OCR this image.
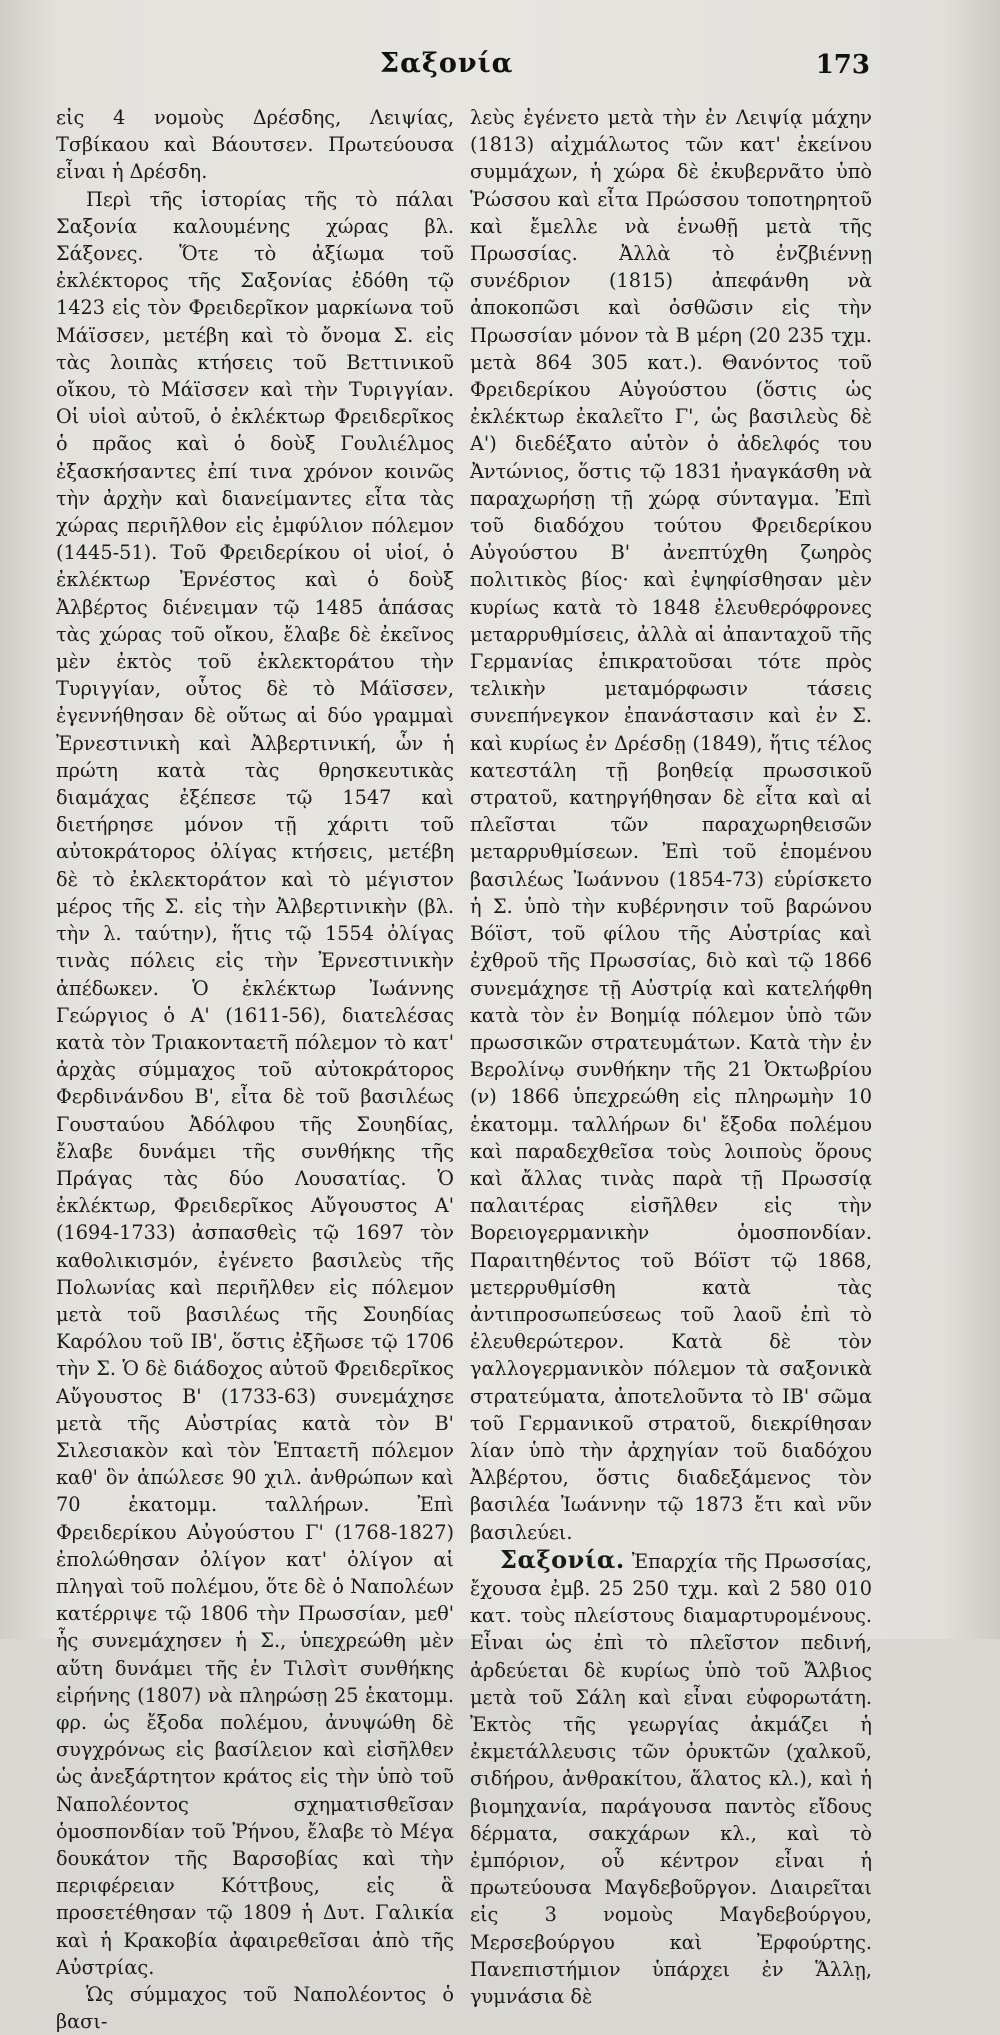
Σαξονία	173

εἰς 4 νομοὺς Δρέσδης, Λειψίας, Τσβίκαου καὶ Βάουτσεν. Πρωτεύουσα εἶναι ἡ Δρέσδη.

Περὶ τῆς ἱστορίας τῆς τὸ πάλαι Σαξονία καλουμένης χώρας βλ. Σάξονες. Ὅτε τὸ ἀξίωμα τοῦ ἐκλέκτορος τῆς Σαξονίας ἐδόθη τῷ 1423 εἰς τὸν Φρειδερῖκον μαρκίωνα τοῦ Μάϊσσεν, μετέβη καὶ τὸ ὄνομα Σ. εἰς τὰς λοιπὰς κτήσεις τοῦ Βεττινικοῦ οἴκου, τὸ Μάϊσσεν καὶ τὴν Τυριγγίαν. Οἱ υἱοὶ αὐτοῦ, ὁ ἐκλέκτωρ Φρειδερῖκος ὁ πρᾶος καὶ ὁ δοὺξ Γουλιέλμος ἐξασκήσαντες ἐπί τινα χρόνον κοινῶς τὴν ἀρχὴν καὶ διανείμαντες εἶτα τὰς χώρας περιῆλθον εἰς ἐμφύλιον πόλεμον (1445-51). Τοῦ Φρειδερίκου οἱ υἱοί, ὁ ἐκλέκτωρ Ἐρνέστος καὶ ὁ δοὺξ Ἀλβέρτος διένειμαν τῷ 1485 ἁπάσας τὰς χώρας τοῦ οἴκου, ἔλαβε δὲ ἐκεῖνος μὲν ἐκτὸς τοῦ ἐκλεκτοράτου τὴν Τυριγγίαν, οὗτος δὲ τὸ Μάϊσσεν, ἐγεννήθησαν δὲ οὕτως αἱ δύο γραμμαὶ Ἐρνεστινικὴ καὶ Ἀλβερτινική, ὧν ἡ πρώτη κατὰ τὰς θρησκευτικὰς διαμάχας ἐξέπεσε τῷ 1547 καὶ διετήρησε μόνον τῇ χάριτι τοῦ αὐτοκράτορος ὀλίγας κτήσεις, μετέβη δὲ τὸ ἐκλεκτοράτον καὶ τὸ μέγιστον μέρος τῆς Σ. εἰς τὴν Ἀλβερτινικὴν (βλ. τὴν λ. ταύτην), ἥτις τῷ 1554 ὀλίγας τινὰς πόλεις εἰς τὴν Ἐρνεστινικὴν ἀπέδωκεν. Ὁ ἐκλέκτωρ Ἰωάννης Γεώργιος ὁ Α' (1611-56), διατελέσας κατὰ τὸν Τριακονταετῆ πόλεμον τὸ κατ' ἀρχὰς σύμμαχος τοῦ αὐτοκράτορος Φερδινάνδου Β', εἶτα δὲ τοῦ βασιλέως Γουσταύου Ἀδόλφου τῆς Σουηδίας, ἔλαβε δυνάμει τῆς συνθήκης τῆς Πράγας τὰς δύο Λουσατίας. Ὁ ἐκλέκτωρ, Φρειδερῖκος Αὔγουστος Α' (1694-1733) ἀσπασθεὶς τῷ 1697 τὸν καθολικισμόν, ἐγένετο βασιλεὺς τῆς Πολωνίας καὶ περιῆλθεν εἰς πόλεμον μετὰ τοῦ βασιλέως τῆς Σουηδίας Καρόλου τοῦ ΙΒ', ὅστις ἐξῆωσε τῷ 1706 τὴν Σ. Ὁ δὲ διάδοχος αὐτοῦ Φρειδερῖκος Αὔγουστος Β' (1733-63) συνεμάχησε μετὰ τῆς Αὐστρίας κατὰ τὸν Β' Σιλεσιακὸν καὶ τὸν Ἑπταετῆ πόλεμον καθ' ὃν ἀπώλεσε 90 χιλ. ἀνθρώπων καὶ 70 ἑκατομμ. ταλλήρων. Ἐπὶ Φρειδερίκου Αὐγούστου Γ' (1768-1827) ἐπολώθησαν ὀλίγον κατ' ὀλίγον αἱ πληγαὶ τοῦ πολέμου, ὅτε δὲ ὁ Ναπολέων κατέρριψε τῷ 1806 τὴν Πρωσσίαν, μεθ' ἧς συνεμάχησεν ἡ Σ., ὑπεχρεώθη μὲν αὕτη δυνάμει τῆς ἐν Τιλσὶτ συνθήκης εἰρήνης (1807) νὰ πληρώσῃ 25 ἑκατομμ. φρ. ὡς ἔξοδα πολέμου, ἀνυψώθη δὲ συγχρόνως εἰς βασίλειον καὶ εἰσῆλθεν ὡς ἀνεξάρτητον κράτος εἰς τὴν ὑπὸ τοῦ Ναπολέοντος σχηματισθεῖσαν ὁμοσπονδίαν τοῦ Ῥήνου, ἔλαβε τὸ Μέγα δουκάτον τῆς Βαρσοβίας καὶ τὴν περιφέρειαν Κόττβους, εἰς ἃ προσετέθησαν τῷ 1809 ἡ Δυτ. Γαλικία καὶ ἡ Κρακοβία ἀφαιρεθεῖσαι ἀπὸ τῆς Αὐστρίας.

Ὡς σύμμαχος τοῦ Ναπολέοντος ὁ βασι-

λεὺς ἐγένετο μετὰ τὴν ἐν Λειψίᾳ μάχην (1813) αἰχμάλωτος τῶν κατ' ἐκείνου συμμάχων, ἡ χώρα δὲ ἐκυβερνᾶτο ὑπὸ Ῥώσσου καὶ εἶτα Πρώσσου τοποτηρητοῦ καὶ ἔμελλε νὰ ἑνωθῇ μετὰ τῆς Πρωσσίας. Ἀλλὰ τὸ ἐνζβιέννῃ συνέδριον (1815) ἀπεφάνθη νὰ ἀποκοπῶσι καὶ ὀσθῶσιν εἰς τὴν Πρωσσίαν μόνον τὰ Β μέρη (20 235 τχμ. μετὰ 864 305 κατ.). Θανόντος τοῦ Φρειδερίκου Αὐγούστου (ὅστις ὡς ἐκλέκτωρ ἐκαλεῖτο Γ', ὡς βασιλεὺς δὲ Α') διεδέξατο αὐτὸν ὁ ἀδελφός του Ἀντώνιος, ὅστις τῷ 1831 ἠναγκάσθη νὰ παραχωρήσῃ τῇ χώρᾳ σύνταγμα. Ἐπὶ τοῦ διαδόχου τούτου Φρειδερίκου Αὐγούστου Β' ἀνεπτύχθη ζωηρὸς πολιτικὸς βίος· καὶ ἐψηφίσθησαν μὲν κυρίως κατὰ τὸ 1848 ἐλευθερόφρονες μεταρρυθμίσεις, ἀλλὰ αἱ ἀπανταχοῦ τῆς Γερμανίας ἐπικρατοῦσαι τότε πρὸς τελικὴν μεταμόρφωσιν τάσεις συνεπήνεγκον ἐπανάστασιν καὶ ἐν Σ. καὶ κυρίως ἐν Δρέσδῃ (1849), ἥτις τέλος κατεστάλη τῇ βοηθείᾳ πρωσσικοῦ στρατοῦ, κατηργήθησαν δὲ εἶτα καὶ αἱ πλεῖσται τῶν παραχωρηθεισῶν μεταρρυθμίσεων. Ἐπὶ τοῦ ἑπομένου βασιλέως Ἰωάννου (1854-73) εὑρίσκετο ἡ Σ. ὑπὸ τὴν κυβέρνησιν τοῦ βαρώνου Βόϊστ, τοῦ φίλου τῆς Αὐστρίας καὶ ἐχθροῦ τῆς Πρωσσίας, διὸ καὶ τῷ 1866 συνεμάχησε τῇ Αὐστρίᾳ καὶ κατελήφθη κατὰ τὸν ἐν Βοημίᾳ πόλεμον ὑπὸ τῶν πρωσσικῶν στρατευμάτων. Κατὰ τὴν ἐν Βερολίνῳ συνθήκην τῆς 21 Ὀκτωβρίου (ν) 1866 ὑπεχρεώθη εἰς πληρωμὴν 10 ἑκατομμ. ταλλήρων δι' ἔξοδα πολέμου καὶ παραδεχθεῖσα τοὺς λοιποὺς ὅρους καὶ ἄλλας τινὰς παρὰ τῇ Πρωσσίᾳ παλαιτέρας εἰσῆλθεν εἰς τὴν Βορειογερμανικὴν ὁμοσπονδίαν. Παραιτηθέντος τοῦ Βόϊστ τῷ 1868, μετερρυθμίσθη κατὰ τὰς ἀντιπροσωπεύσεως τοῦ λαοῦ ἐπὶ τὸ ἐλευθερώτερον. Κατὰ δὲ τὸν γαλλογερμανικὸν πόλεμον τὰ σαξονικὰ στρατεύματα, ἀποτελοῦντα τὸ ΙΒ' σῶμα τοῦ Γερμανικοῦ στρατοῦ, διεκρίθησαν λίαν ὑπὸ τὴν ἀρχηγίαν τοῦ διαδόχου Ἀλβέρτου, ὅστις διαδεξάμενος τὸν βασιλέα Ἰωάννην τῷ 1873 ἔτι καὶ νῦν βασιλεύει.

Σαξονία. Ἐπαρχία τῆς Πρωσσίας, ἔχουσα ἐμβ. 25 250 τχμ. καὶ 2 580 010 κατ. τοὺς πλείστους διαμαρτυρομένους. Εἶναι ὡς ἐπὶ τὸ πλεῖστον πεδινή, ἀρδεύεται δὲ κυρίως ὑπὸ τοῦ Ἄλβιος μετὰ τοῦ Σάλη καὶ εἶναι εὐφορωτάτη. Ἐκτὸς τῆς γεωργίας ἀκμάζει ἡ ἐκμετάλλευσις τῶν ὀρυκτῶν (χαλκοῦ, σιδήρου, ἀνθρακίτου, ἅλατος κλ.), καὶ ἡ βιομηχανία, παράγουσα παντὸς εἴδους δέρματα, σακχάρων κλ., καὶ τὸ ἐμπόριον, οὗ κέντρον εἶναι ἡ πρωτεύουσα Μαγδεβοῦργον. Διαιρεῖται εἰς 3 νομοὺς Μαγδεβούργου, Μερσεβούργου καὶ Ἐρφούρτης. Πανεπιστήμιον ὑπάρχει ἐν Ἅλλῃ, γυμνάσια δὲ
